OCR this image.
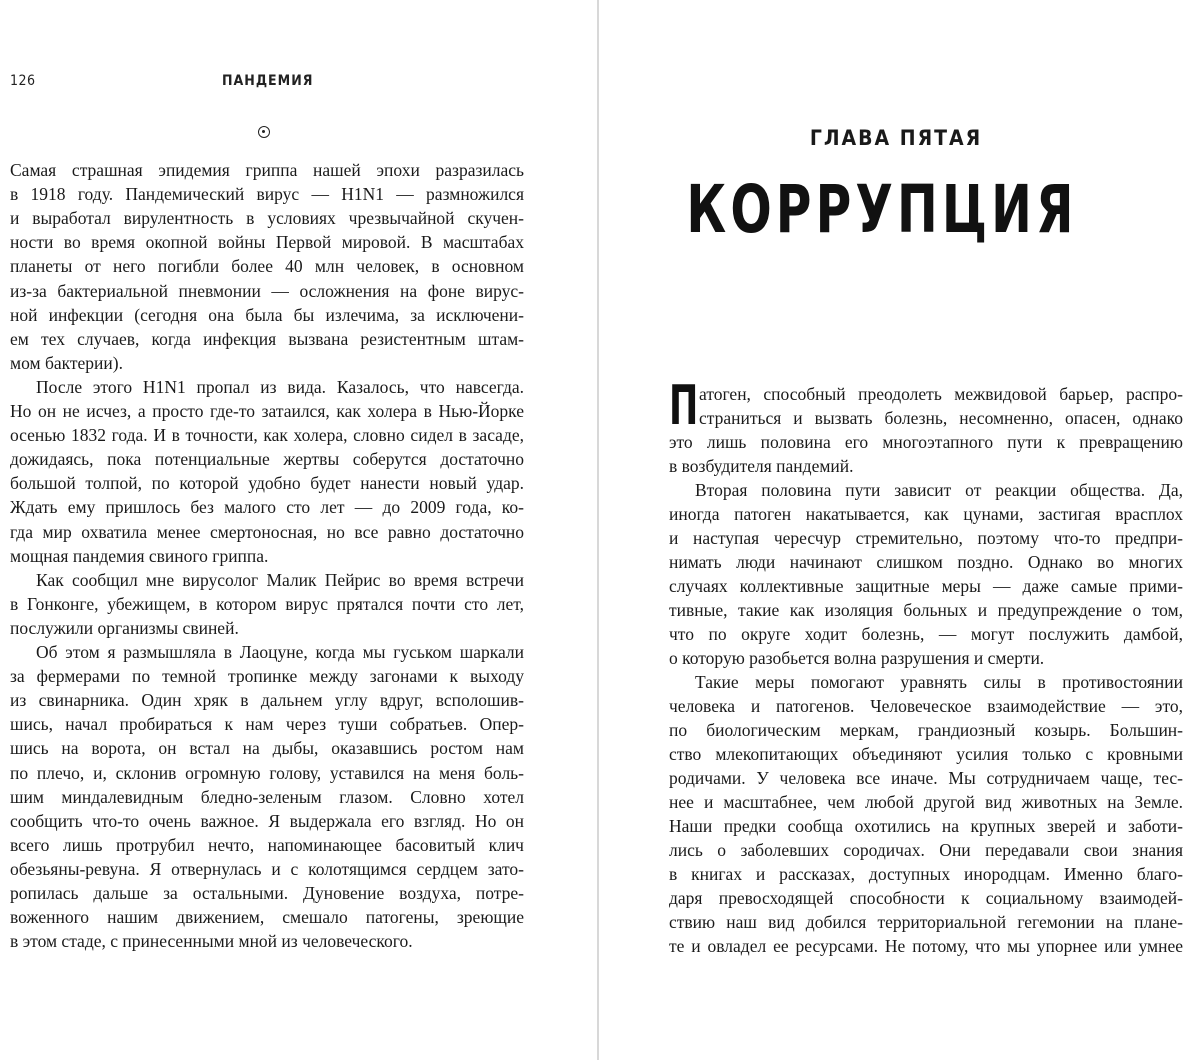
126	ПАНДЕМИЯ
Самая страшная эпидемия гриппа нашей эпохи разразилась
в 1918 году. Пандемический вирус — H1N1 — размножился
и выработал вирулентность в условиях чрезвычайной скучен-
ности во время окопной войны Первой мировой. В масштабах
планеты от него погибли более 40 млн человек, в основном
из-за бактериальной пневмонии — осложнения на фоне вирус-
ной инфекции (сегодня она была бы излечима, за исключени-
ем тех случаев, когда инфекция вызвана резистентным штам-
мом бактерии).
После этого H1N1 пропал из вида. Казалось, что навсегда.
Но он не исчез, а просто где-то затаился, как холера в Нью-Йорке
осенью 1832 года. И в точности, как холера, словно сидел в засаде,
дожидаясь, пока потенциальные жертвы соберутся достаточно
большой толпой, по которой удобно будет нанести новый удар.
Ждать ему пришлось без малого сто лет — до 2009 года, ко-
гда мир охватила менее смертоносная, но все равно достаточно
мощная пандемия свиного гриппа.
Как сообщил мне вирусолог Малик Пейрис во время встречи
в Гонконге, убежищем, в котором вирус прятался почти сто лет,
послужили организмы свиней.
Об этом я размышляла в Лаоцуне, когда мы гуськом шаркали
за фермерами по темной тропинке между загонами к выходу
из свинарника. Один хряк в дальнем углу вдруг, всполошив-
шись, начал пробираться к нам через туши собратьев. Опер-
шись на ворота, он встал на дыбы, оказавшись ростом нам
по плечо, и, склонив огромную голову, уставился на меня боль-
шим миндалевидным бледно-зеленым глазом. Словно хотел
сообщить что-то очень важное. Я выдержала его взгляд. Но он
всего лишь протрубил нечто, напоминающее басовитый клич
обезьяны-ревуна. Я отвернулась и с колотящимся сердцем зато-
ропилась дальше за остальными. Дуновение воздуха, потре-
воженного нашим движением, смешало патогены, зреющие
в этом стаде, с принесенными мной из человеческого.
ГЛАВА ПЯТАЯ
КОРРУПЦИЯ
П атоген, способный преодолеть межвидовой барьер, распро-
страниться и вызвать болезнь, несомненно, опасен, однако
это лишь половина его многоэтапного пути к превращению
в возбудителя пандемий.
Вторая половина пути зависит от реакции общества. Да,
иногда патоген накатывается, как цунами, застигая врасплох
и наступая чересчур стремительно, поэтому что-то предпри-
нимать люди начинают слишком поздно. Однако во многих
случаях коллективные защитные меры — даже самые прими-
тивные, такие как изоляция больных и предупреждение о том,
что по округе ходит болезнь, — могут послужить дамбой,
о которую разобьется волна разрушения и смерти.
Такие меры помогают уравнять силы в противостоянии
человека и патогенов. Человеческое взаимодействие — это,
по биологическим меркам, грандиозный козырь. Большин-
ство млекопитающих объединяют усилия только с кровными
родичами. У человека все иначе. Мы сотрудничаем чаще, тес-
нее и масштабнее, чем любой другой вид животных на Земле.
Наши предки сообща охотились на крупных зверей и заботи-
лись о заболевших сородичах. Они передавали свои знания
в книгах и рассказах, доступных инородцам. Именно благо-
даря превосходящей способности к социальному взаимодей-
ствию наш вид добился территориальной гегемонии на плане-
те и овладел ее ресурсами. Не потому, что мы упорнее или умнее
